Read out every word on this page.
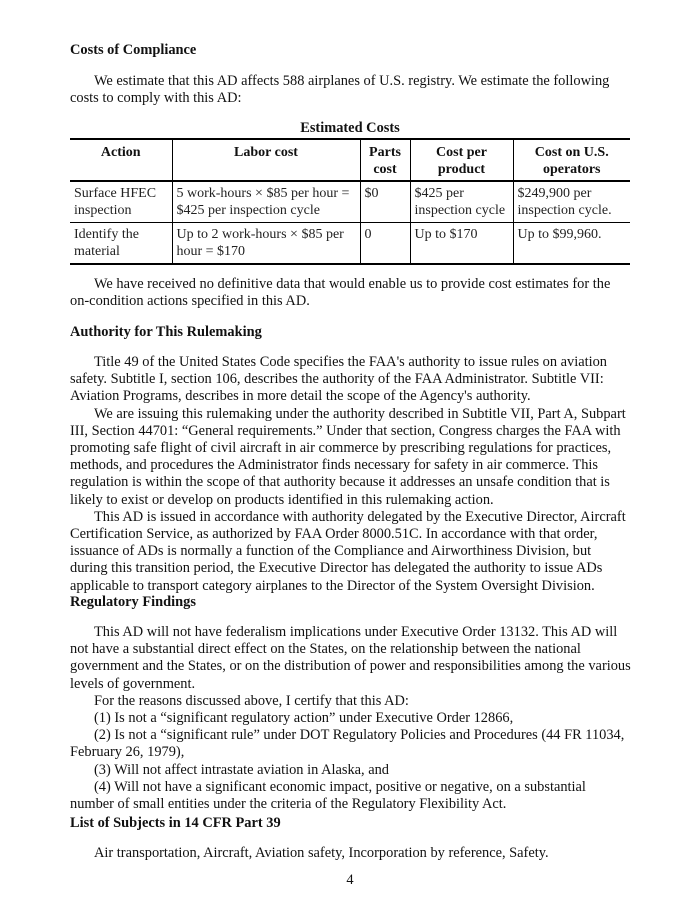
Costs of Compliance

We estimate that this AD affects 588 airplanes of U.S. registry. We estimate the following costs to comply with this AD:

Estimated Costs
Action	Labor cost	Parts cost	Cost per product	Cost on U.S. operators
Surface HFEC inspection	5 work-hours × $85 per hour = $425 per inspection cycle	$0	$425 per inspection cycle	$249,900 per inspection cycle.
Identify the material	Up to 2 work-hours × $85 per hour = $170	0	Up to $170	Up to $99,960.

We have received no definitive data that would enable us to provide cost estimates for the on-condition actions specified in this AD.

Authority for This Rulemaking
Title 49 of the United States Code specifies the FAA's authority to issue rules on aviation safety. Subtitle I, section 106, describes the authority of the FAA Administrator. Subtitle VII: Aviation Programs, describes in more detail the scope of the Agency's authority.
We are issuing this rulemaking under the authority described in Subtitle VII, Part A, Subpart III, Section 44701: “General requirements.” Under that section, Congress charges the FAA with promoting safe flight of civil aircraft in air commerce by prescribing regulations for practices, methods, and procedures the Administrator finds necessary for safety in air commerce. This regulation is within the scope of that authority because it addresses an unsafe condition that is likely to exist or develop on products identified in this rulemaking action.
This AD is issued in accordance with authority delegated by the Executive Director, Aircraft Certification Service, as authorized by FAA Order 8000.51C. In accordance with that order, issuance of ADs is normally a function of the Compliance and Airworthiness Division, but during this transition period, the Executive Director has delegated the authority to issue ADs applicable to transport category airplanes to the Director of the System Oversight Division.
Regulatory Findings
This AD will not have federalism implications under Executive Order 13132. This AD will not have a substantial direct effect on the States, on the relationship between the national government and the States, or on the distribution of power and responsibilities among the various levels of government.
For the reasons discussed above, I certify that this AD:
(1) Is not a “significant regulatory action” under Executive Order 12866,
(2) Is not a “significant rule” under DOT Regulatory Policies and Procedures (44 FR 11034, February 26, 1979),
(3) Will not affect intrastate aviation in Alaska, and
(4) Will not have a significant economic impact, positive or negative, on a substantial number of small entities under the criteria of the Regulatory Flexibility Act.
List of Subjects in 14 CFR Part 39

Air transportation, Aircraft, Aviation safety, Incorporation by reference, Safety.

4
